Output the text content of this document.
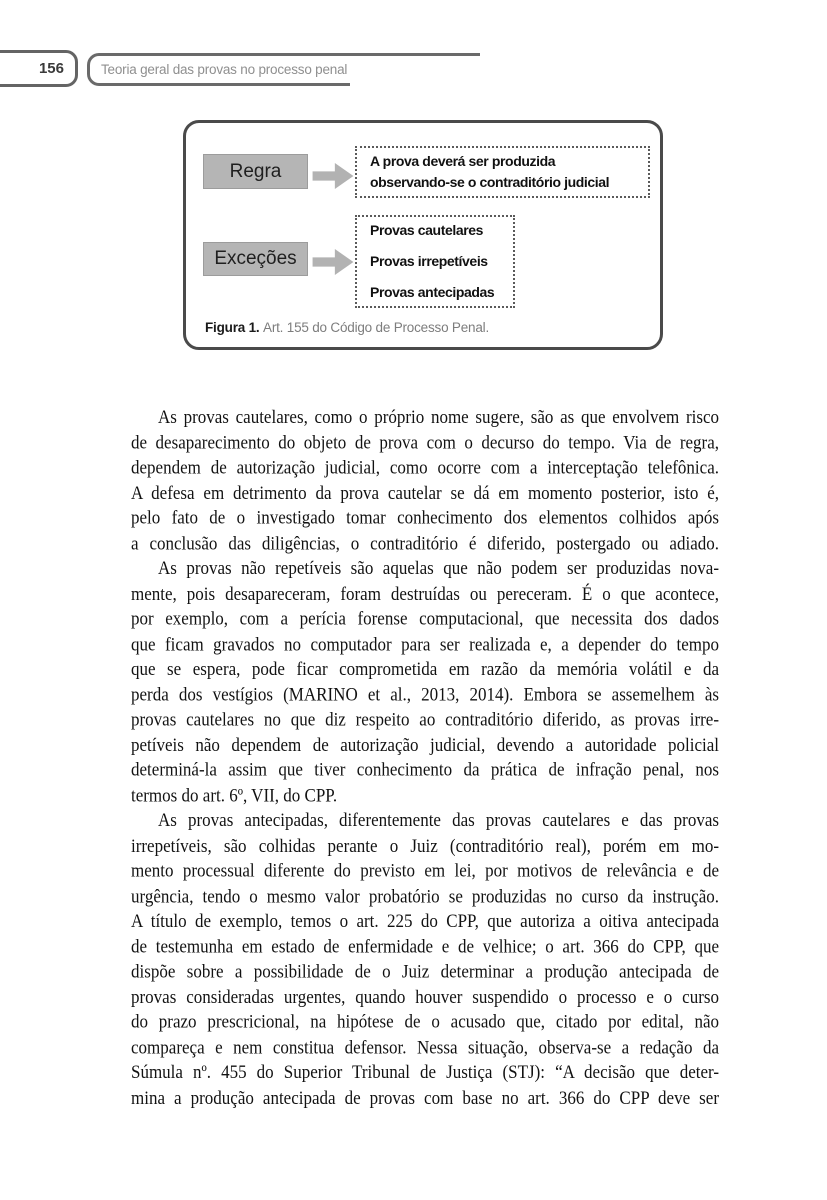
156	Teoria geral das provas no processo penal
Regra	A prova deverá ser produzida
observando-se o contraditório judicial
Exceções
Provas cautelares
Provas irrepetíveis
Provas antecipadas
Figura 1. Art. 155 do Código de Processo Penal.
As provas cautelares, como o próprio nome sugere, são as que envolvem risco
de desaparecimento do objeto de prova com o decurso do tempo. Via de regra,
dependem de autorização judicial, como ocorre com a interceptação telefônica.
A defesa em detrimento da prova cautelar se dá em momento posterior, isto é,
pelo fato de o investigado tomar conhecimento dos elementos colhidos após
a conclusão das diligências, o contraditório é diferido, postergado ou adiado.
As provas não repetíveis são aquelas que não podem ser produzidas nova-
mente, pois desapareceram, foram destruídas ou pereceram. É o que acontece,
por exemplo, com a perícia forense computacional, que necessita dos dados
que ficam gravados no computador para ser realizada e, a depender do tempo
que se espera, pode ficar comprometida em razão da memória volátil e da
perda dos vestígios (MARINO et al., 2013, 2014). Embora se assemelhem às
provas cautelares no que diz respeito ao contraditório diferido, as provas irre-
petíveis não dependem de autorização judicial, devendo a autoridade policial
determiná-la assim que tiver conhecimento da prática de infração penal, nos
termos do art. 6º, VII, do CPP.
As provas antecipadas, diferentemente das provas cautelares e das provas
irrepetíveis, são colhidas perante o Juiz (contraditório real), porém em mo-
mento processual diferente do previsto em lei, por motivos de relevância e de
urgência, tendo o mesmo valor probatório se produzidas no curso da instrução.
A título de exemplo, temos o art. 225 do CPP, que autoriza a oitiva antecipada
de testemunha em estado de enfermidade e de velhice; o art. 366 do CPP, que
dispõe sobre a possibilidade de o Juiz determinar a produção antecipada de
provas consideradas urgentes, quando houver suspendido o processo e o curso
do prazo prescricional, na hipótese de o acusado que, citado por edital, não
compareça e nem constitua defensor. Nessa situação, observa-se a redação da
Súmula nº. 455 do Superior Tribunal de Justiça (STJ): “A decisão que deter-
mina a produção antecipada de provas com base no art. 366 do CPP deve ser
